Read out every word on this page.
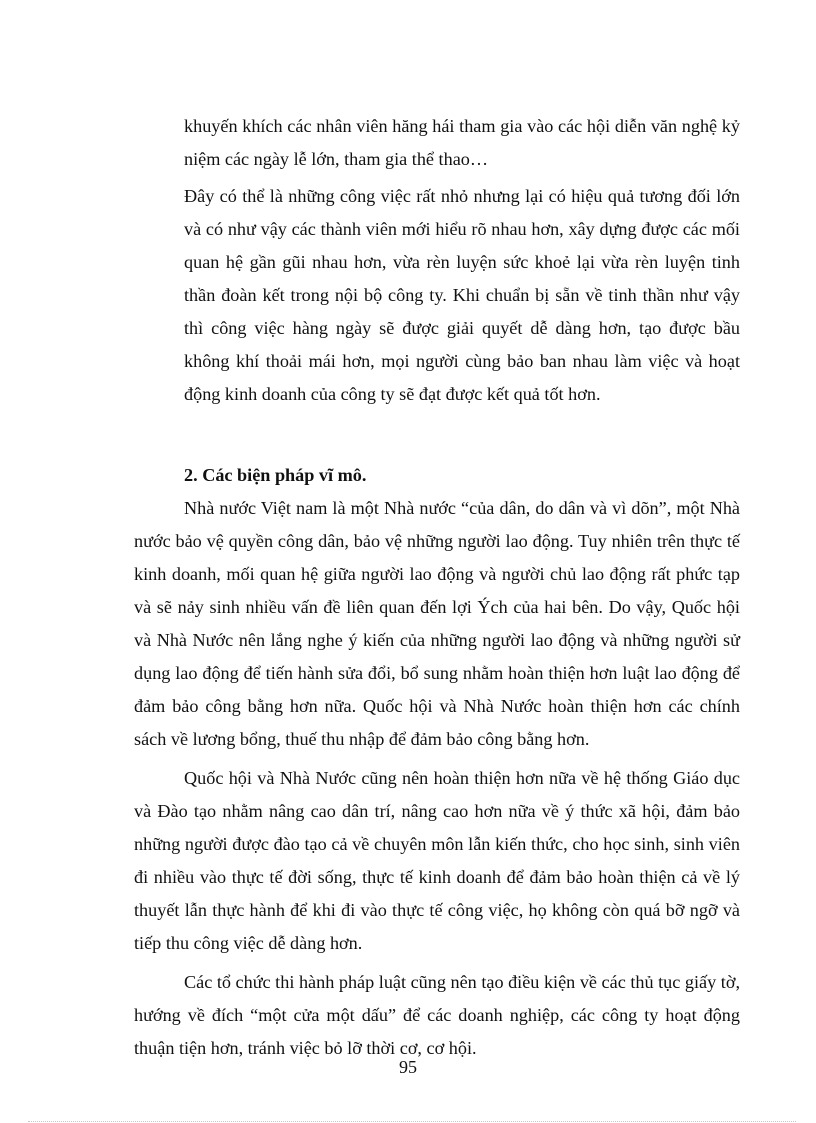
khuyến khích các nhân viên hăng hái tham gia vào các hội diễn văn nghệ kỷ niệm các ngày lễ lớn, tham gia thể thao…

Đây có thể là những công việc rất nhỏ nhưng lại có hiệu quả tương đối lớn và có như vậy các thành viên mới hiểu rõ nhau hơn, xây dựng được các mối quan hệ gần gũi nhau hơn, vừa rèn luyện sức khoẻ lại vừa rèn luyện tinh thần đoàn kết trong nội bộ công ty. Khi chuẩn bị sẵn về tinh thần như vậy thì công việc hàng ngày sẽ được giải quyết dễ dàng hơn, tạo được bầu không khí thoải mái hơn, mọi người cùng bảo ban nhau làm việc và hoạt động kinh doanh của công ty sẽ đạt được kết quả tốt hơn.

2. Các biện pháp vĩ mô.

Nhà nước Việt nam là một Nhà nước “của dân, do dân và vì dõn”, một Nhà nước bảo vệ quyền công dân, bảo vệ những người lao động. Tuy nhiên trên thực tế kinh doanh, mối quan hệ giữa người lao động và người chủ lao động rất phức tạp và sẽ nảy sinh nhiều vấn đề liên quan đến lợi Ých của hai bên. Do vậy, Quốc hội và Nhà Nước nên lắng nghe ý kiến của những người lao động và những người sử dụng lao động để tiến hành sửa đổi, bổ sung nhằm hoàn thiện hơn luật lao động để đảm bảo công bằng hơn nữa. Quốc hội và Nhà Nước hoàn thiện hơn các chính sách về lương bổng, thuế thu nhập để đảm bảo công bằng hơn.

Quốc hội và Nhà Nước cũng nên hoàn thiện hơn nữa về hệ thống Giáo dục và Đào tạo nhằm nâng cao dân trí, nâng cao hơn nữa về ý thức xã hội, đảm bảo những người được đào tạo cả về chuyên môn lẫn kiến thức, cho học sinh, sinh viên đi nhiều vào thực tế đời sống, thực tế kinh doanh để đảm bảo hoàn thiện cả về lý thuyết lẫn thực hành để khi đi vào thực tế công việc, họ không còn quá bỡ ngỡ và tiếp thu công việc dễ dàng hơn.

Các tổ chức thi hành pháp luật cũng nên tạo điều kiện về các thủ tục giấy tờ, hướng về đích “một cửa một dấu” để các doanh nghiệp, các công ty hoạt động thuận tiện hơn, tránh việc bỏ lỡ thời cơ, cơ hội.

95
